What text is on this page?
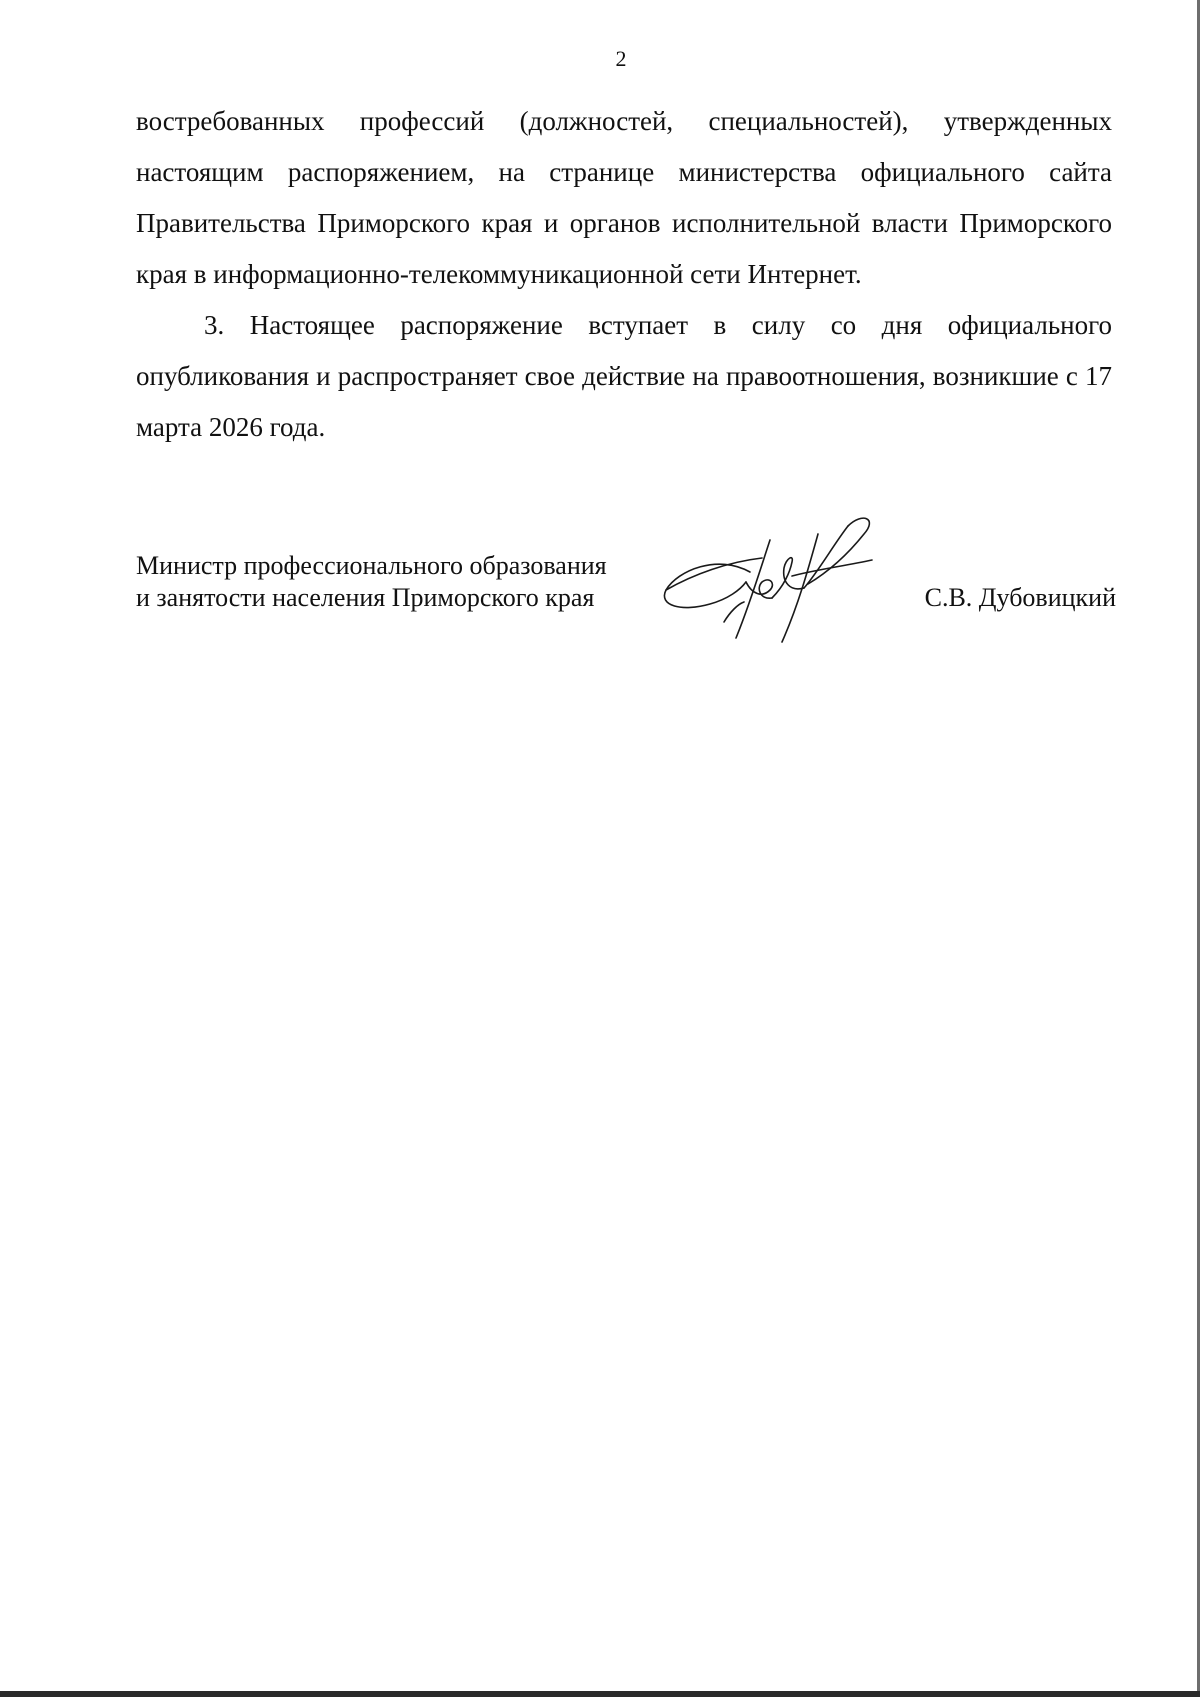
2

востребованных профессий (должностей, специальностей), утвержденных настоящим распоряжением, на странице министерства официального сайта Правительства Приморского края и органов исполнительной власти Приморского края в информационно-телекоммуникационной сети Интернет.

3. Настоящее распоряжение вступает в силу со дня официального опубликования и распространяет свое действие на правоотношения, возникшие с 17 марта 2026 года.

Министр профессионального образования
и занятости населения Приморского края	С.В. Дубовицкий
